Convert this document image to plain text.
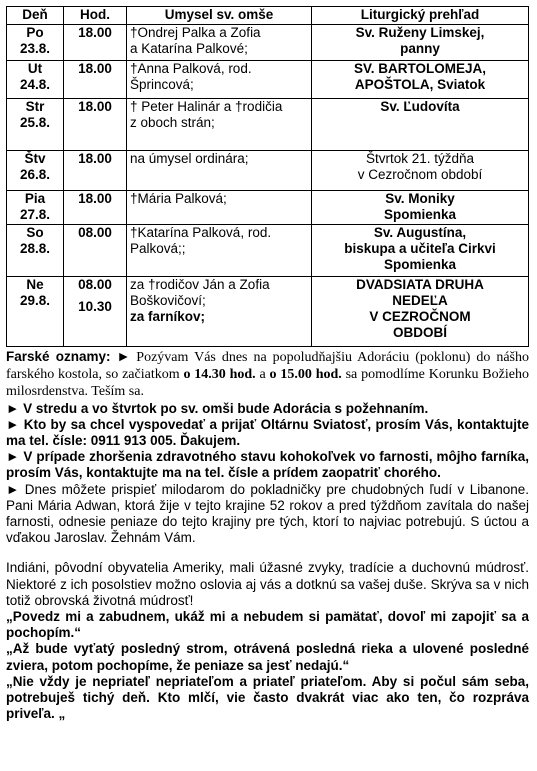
Deň	Hod.	Umysel sv. omše	Liturgický prehľad

Po
23.8.	18.00	†Ondrej Palka a Zofia
a Katarína Palkové;	Sv. Ruženy Limskej,
panny

Ut
24.8.	18.00	†Anna Palková, rod.
Šprincová;	SV. BARTOLOMEJA,
APOŠTOLA, Sviatok

Str
25.8.	18.00	† Peter Halinár a †rodičia
z oboch strán;	Sv. Ľudovíta

Štv
26.8.	18.00	na úmysel ordinára;	Štvrtok 21. týždňa
v Cezročnom období

Pia
27.8.	18.00	†Mária Palková;	Sv. Moniky
Spomienka

So
28.8.	08.00	†Katarína Palková, rod.
Palková;;	Sv. Augustína,
biskupa a učiteľa Cirkvi
Spomienka

Ne
29.8.	08.00
10.30	za †rodičov Ján a Zofia
Boškovičoví;
za farníkov;	DVADSIATA DRUHA
NEDEĽA
V CEZROČNOM
OBDOBÍ

Farské oznamy: ► Pozývam Vás dnes na popoludňajšiu Adoráciu (poklonu) do nášho farského kostola, so začiatkom o 14.30 hod. a o 15.00 hod. sa pomodlíme Korunku Božieho milosrdenstva. Teším sa.

► V stredu a vo štvrtok po sv. omši bude Adorácia s požehnaním.

► Kto by sa chcel vyspovedať a prijať Oltárnu Sviatosť, prosím Vás, kontaktujte ma tel. čísle: 0911 913 005. Ďakujem.

► V prípade zhoršenia zdravotného stavu kohokoľvek vo farnosti, môjho farníka, prosím Vás, kontaktujte ma na tel. čísle a prídem zaopatriť chorého.

► Dnes môžete prispieť milodarom do pokladničky pre chudobných ľudí v Libanone. Pani Mária Adwan, ktorá žije v tejto krajine 52 rokov a pred týždňom zavítala do našej farnosti, odnesie peniaze do tejto krajiny pre tých, ktorí to najviac potrebujú. S úctou a vďakou Jaroslav. Žehnám Vám.

Indiáni, pôvodní obyvatelia Ameriky, mali úžasné zvyky, tradície a duchovnú múdrosť. Niektoré z ich posolstiev možno oslovia aj vás a dotknú sa vašej duše. Skrýva sa v nich totiž obrovská životná múdrosť!

„Povedz mi a zabudnem, ukáž mi a nebudem si pamätať, dovoľ mi zapojiť sa a pochopím.“

„Až bude vyťatý posledný strom, otrávená posledná rieka a ulovené posledné zviera, potom pochopíme, že peniaze sa jesť nedajú.“

„Nie vždy je nepriateľ nepriateľom a priateľ priateľom. Aby si počul sám seba, potrebuješ tichý deň. Kto mlčí, vie často dvakrát viac ako ten, čo rozpráva priveľa. „
